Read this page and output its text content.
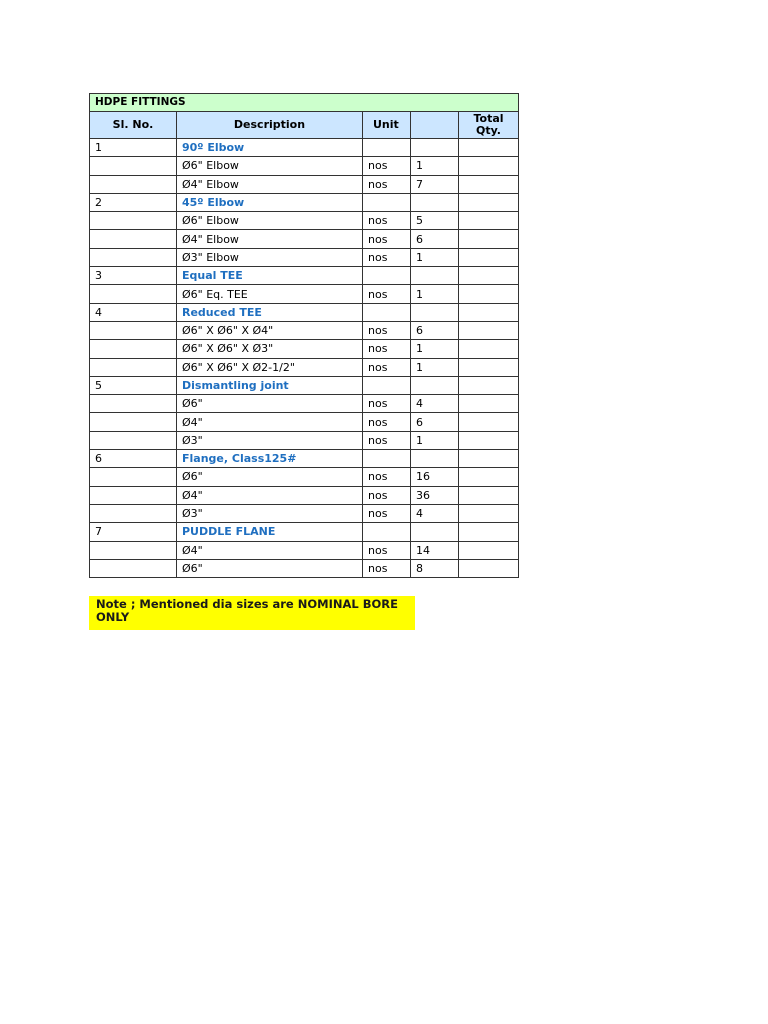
HDPE FITTINGS				
Sl. No.	Description	Unit		Total Qty.
1	90º Elbow			
	Ø6" Elbow	nos	1	
	Ø4" Elbow	nos	7	
2	45º Elbow			
	Ø6" Elbow	nos	5	
	Ø4" Elbow	nos	6	
	Ø3" Elbow	nos	1	
3	Equal TEE			
	Ø6" Eq. TEE	nos	1	
4	Reduced TEE			
	Ø6" X Ø6" X Ø4"	nos	6	
	Ø6" X Ø6" X Ø3"	nos	1	
	Ø6" X Ø6" X Ø2-1/2"	nos	1	
5	Dismantling joint			
	Ø6"	nos	4	
	Ø4"	nos	6	
	Ø3"	nos	1	
6	Flange, Class125#			
	Ø6"	nos	16	
	Ø4"	nos	36	
	Ø3"	nos	4	
7	PUDDLE FLANE			
	Ø4"	nos	14	
	Ø6"	nos	8	
Note ; Mentioned dia sizes are NOMINAL BORE ONLY
